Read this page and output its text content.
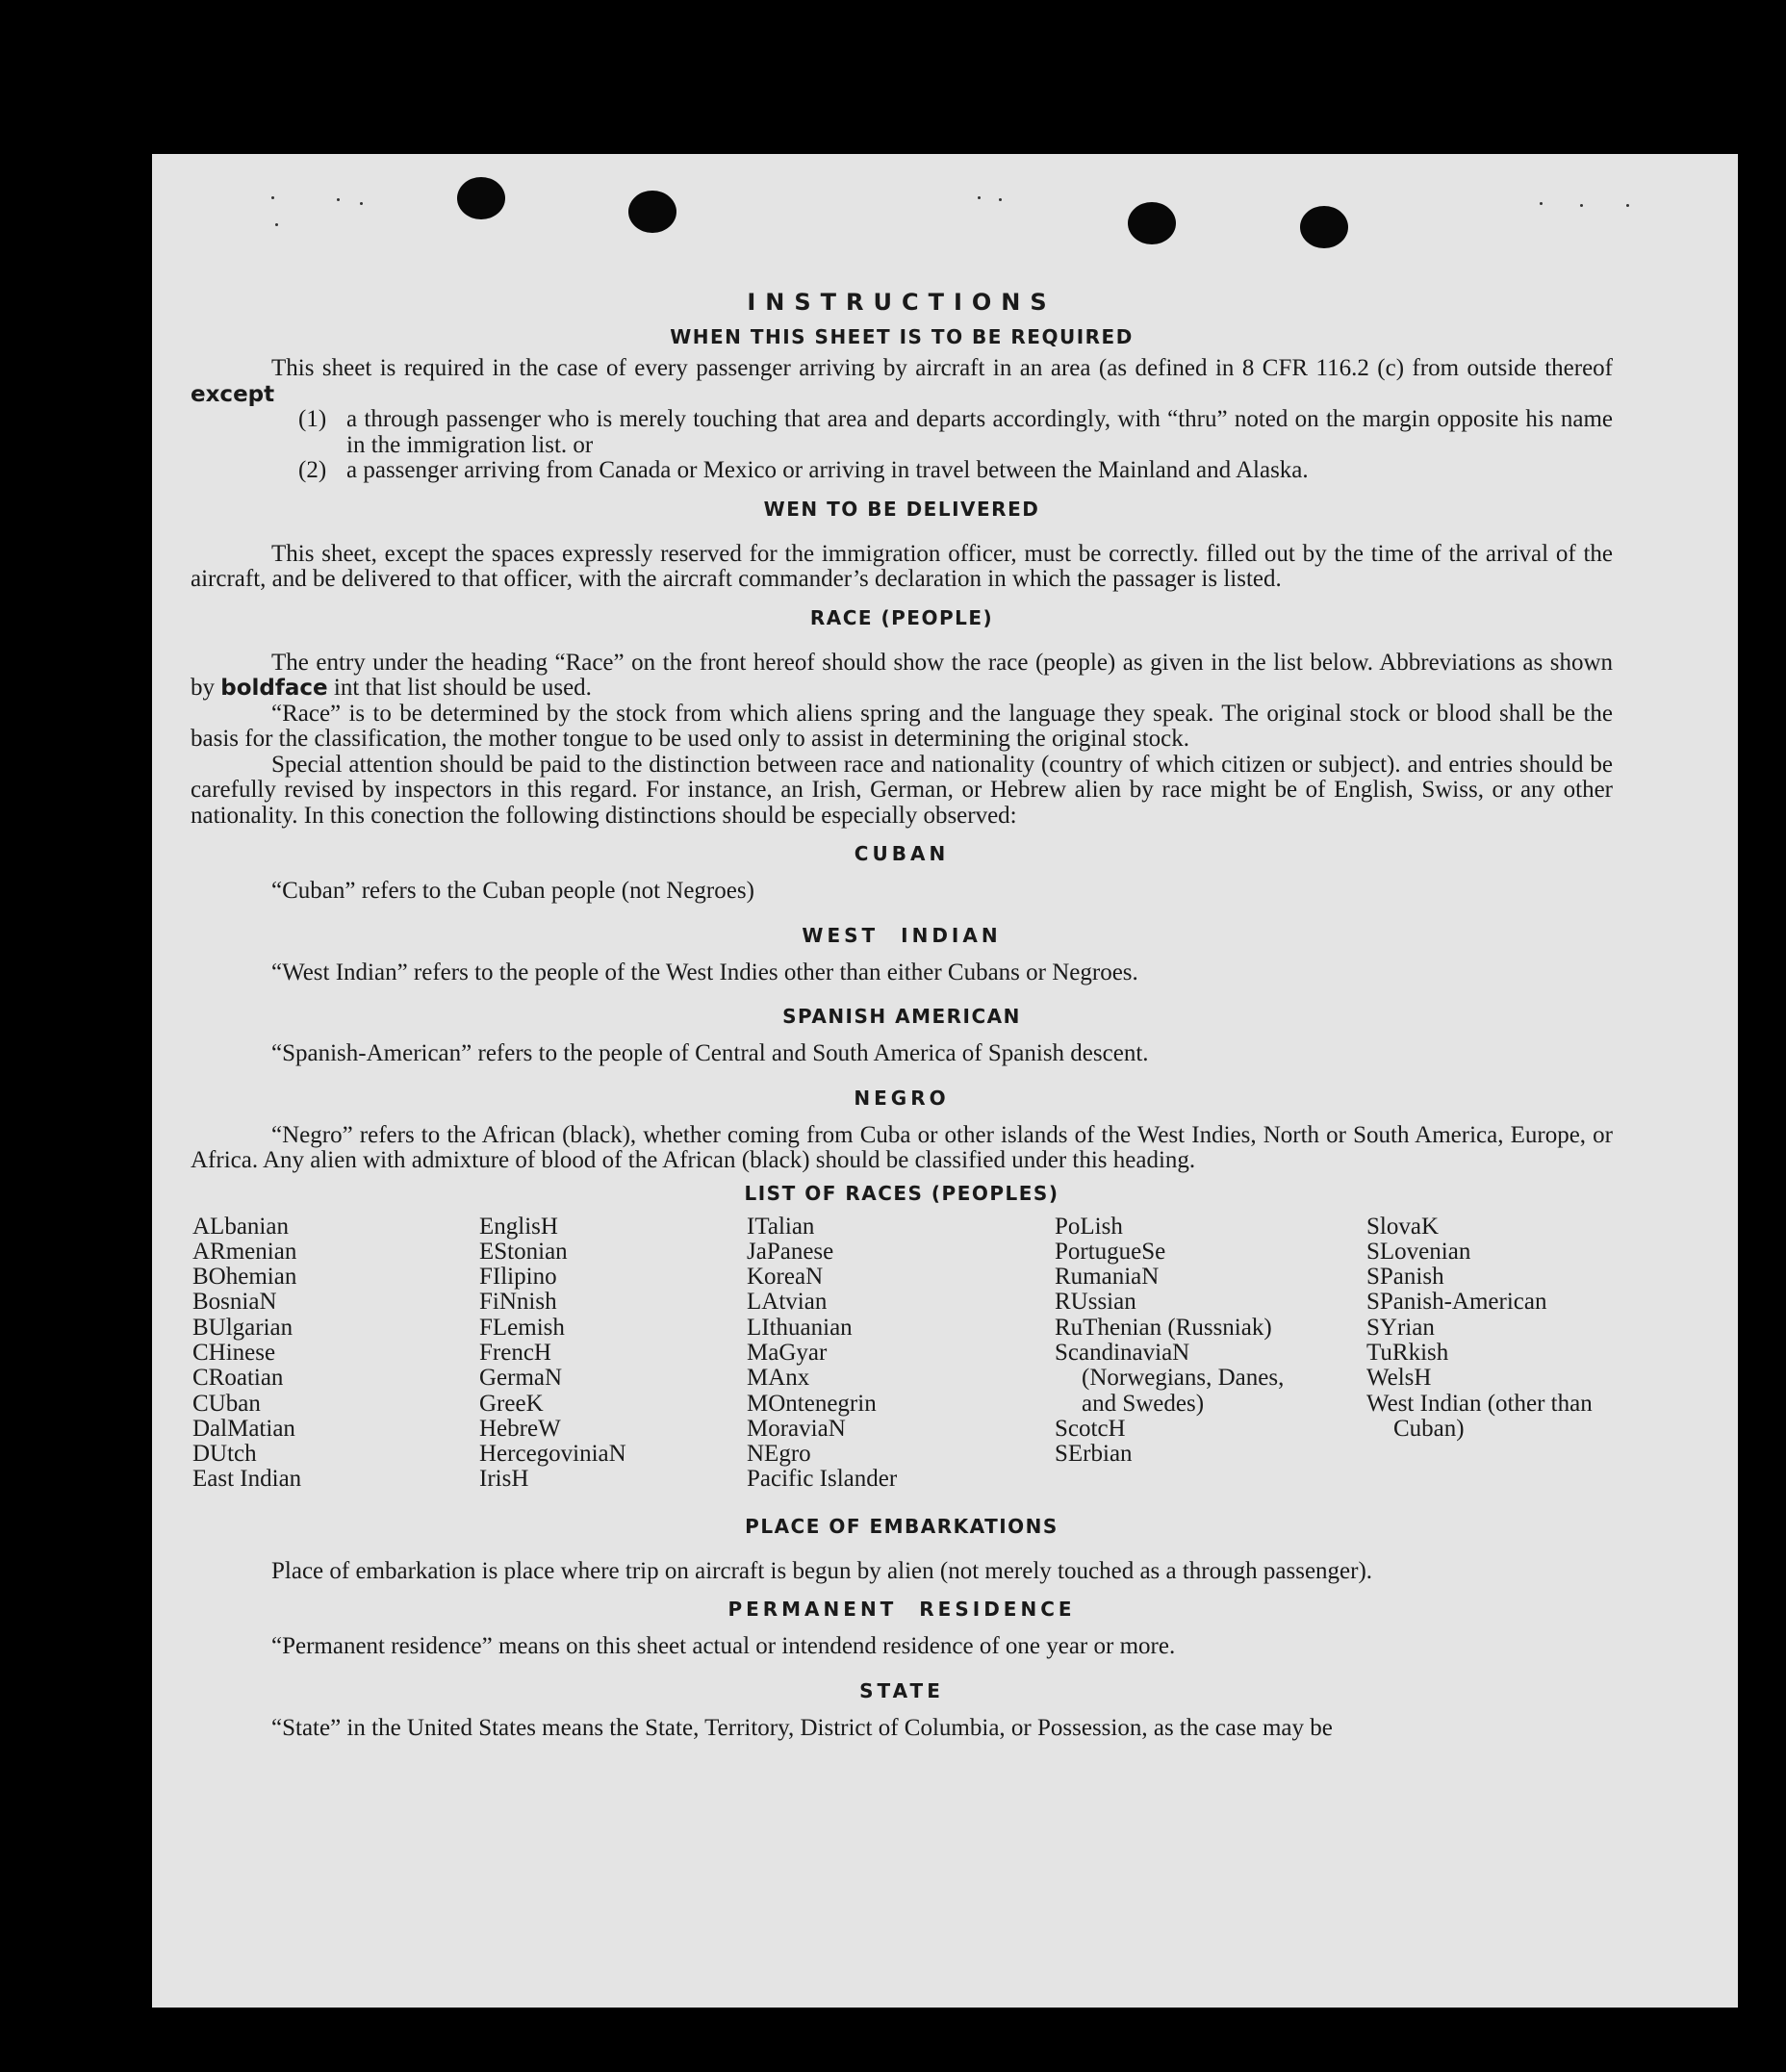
INSTRUCTIONS
WHEN THIS SHEET IS TO BE REQUIRED

This sheet is required in the case of every passenger arriving by aircraft in an area (as defined in 8 CFR 116.2 (c) from outside thereof except

(1) a through passenger who is merely touching that area and departs accordingly, with “thru” noted on the margin opposite his name in the immigration list. or

(2) a passenger arriving from Canada or Mexico or arriving in travel between the Mainland and Alaska.

WEN TO BE DELIVERED

This sheet, except the spaces expressly reserved for the immigration officer, must be correctly. filled out by the time of the arrival of the aircraft, and be delivered to that officer, with the aircraft commander’s declaration in which the passager is listed.

RACE (PEOPLE)

The entry under the heading “Race” on the front hereof should show the race (people) as given in the list below. Abbreviations as shown by boldface int that list should be used.

“Race” is to be determined by the stock from which aliens spring and the language they speak. The original stock or blood shall be the basis for the classification, the mother tongue to be used only to assist in determining the original stock.

Special attention should be paid to the distinction between race and nationality (country of which citizen or subject). and entries should be carefully revised by inspectors in this regard. For instance, an Irish, German, or Hebrew alien by race might be of English, Swiss, or any other nationality. In this conection the following distinctions should be especially observed:

CUBAN

“Cuban” refers to the Cuban people (not Negroes)

WEST INDIAN

“West Indian” refers to the people of the West Indies other than either Cubans or Negroes.

SPANISH AMERICAN

“Spanish-American” refers to the people of Central and South America of Spanish descent.

NEGRO

“Negro” refers to the African (black), whether coming from Cuba or other islands of the West Indies, North or South America, Europe, or Africa. Any alien with admixture of blood of the African (black) should be classified under this heading.

LIST OF RACES (PEOPLES)
ALbanian
ARmenian
BOhemian
BosniaN
BUlgarian
CHinese
CRoatian
CUban
DalMatian
DUtch
East Indian
EnglisH
EStonian
FIlipino
FiNnish
FLemish
FrencH
GermaN
GreeK
HebreW
HercegoviniaN
IrisH
ITalian
JaPanese
KoreaN
LAtvian
LIthuanian
MaGyar
MAnx
MOntenegrin
MoraviaN
NEgro
Pacific Islander
PoLish
PortugueSe
RumaniaN
RUssian
RuThenian (Russniak)
ScandinaviaN (Norwegians, Danes, and Swedes)
ScotcH
SErbian
SlovaK
SLovenian
SPanish
SPanish-American
SYrian
TuRkish
WelsH
West Indian (other than Cuban)
PLACE OF EMBARKATIONS

Place of embarkation is place where trip on aircraft is begun by alien (not merely touched as a through passenger).

PERMANENT RESIDENCE

“Permanent residence” means on this sheet actual or intendend residence of one year or more.

STATE

“State” in the United States means the State, Territory, District of Columbia, or Possession, as the case may be
